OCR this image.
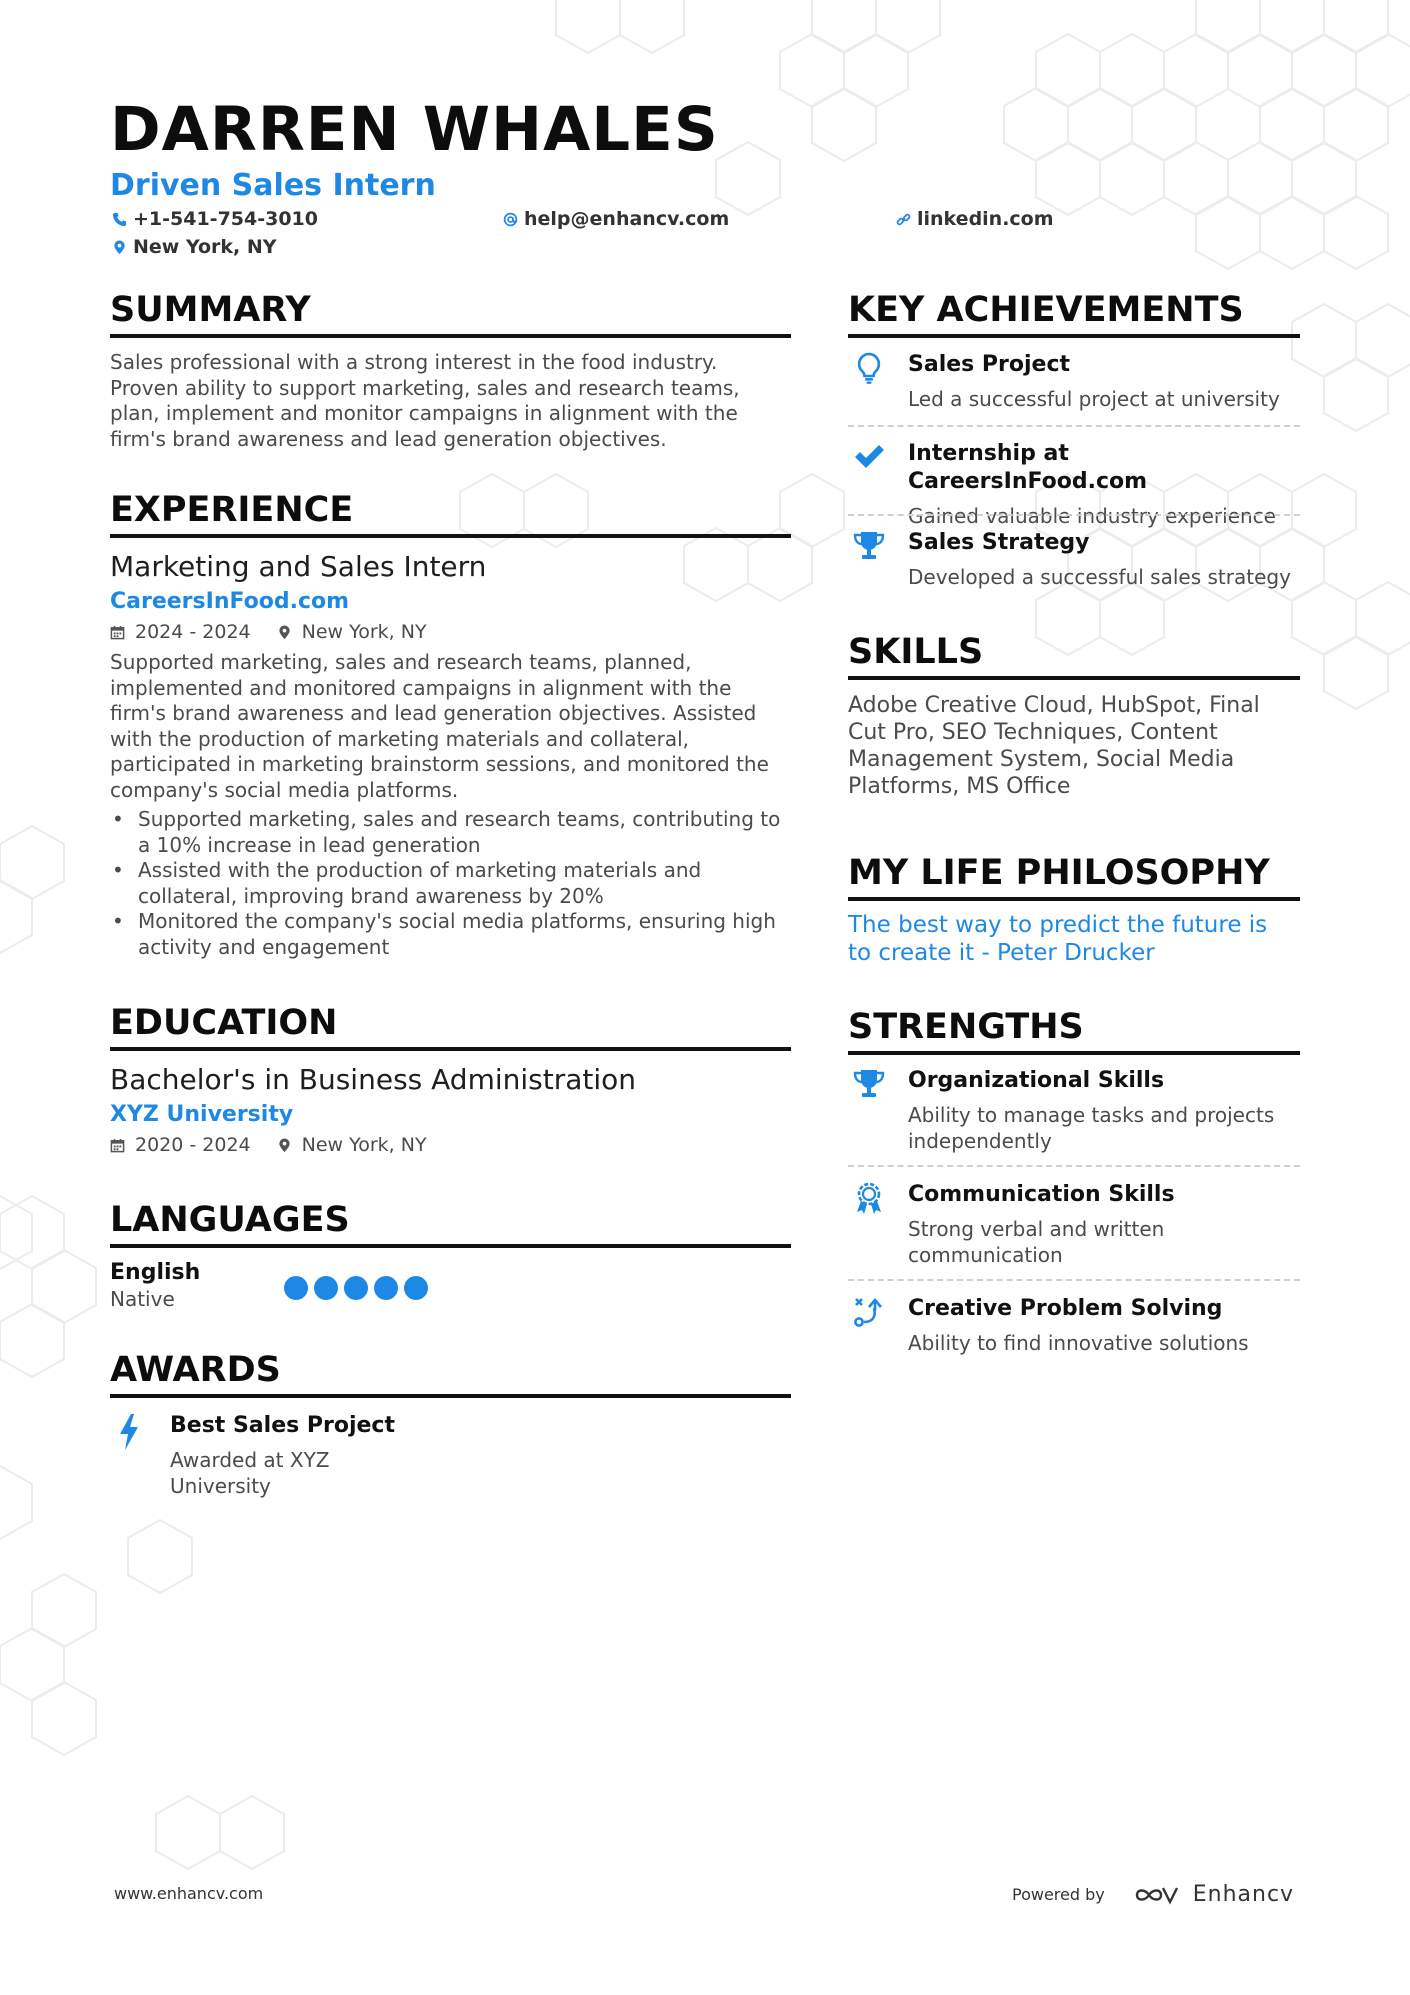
DARREN WHALES
Driven Sales Intern
+1-541-754-3010	help@enhancv.com	linkedin.com
New York, NY
SUMMARY
Sales professional with a strong interest in the food industry. Proven ability to support marketing, sales and research teams, plan, implement and monitor campaigns in alignment with the firm's brand awareness and lead generation objectives.
EXPERIENCE
Marketing and Sales Intern
CareersInFood.com
2024 - 2024	New York, NY
Supported marketing, sales and research teams, planned, implemented and monitored campaigns in alignment with the firm's brand awareness and lead generation objectives. Assisted with the production of marketing materials and collateral, participated in marketing brainstorm sessions, and monitored the company's social media platforms.
• Supported marketing, sales and research teams, contributing to a 10% increase in lead generation
• Assisted with the production of marketing materials and collateral, improving brand awareness by 20%
• Monitored the company's social media platforms, ensuring high activity and engagement
EDUCATION
Bachelor's in Business Administration
XYZ University
2020 - 2024	New York, NY
LANGUAGES
English
Native
AWARDS
Best Sales Project
Awarded at XYZ University
KEY ACHIEVEMENTS
Sales Project
Led a successful project at university
Internship at CareersInFood.com
Gained valuable industry experience
Sales Strategy
Developed a successful sales strategy
SKILLS
Adobe Creative Cloud, HubSpot, Final Cut Pro, SEO Techniques, Content Management System, Social Media Platforms, MS Office
MY LIFE PHILOSOPHY
The best way to predict the future is to create it - Peter Drucker
STRENGTHS
Organizational Skills
Ability to manage tasks and projects independently
Communication Skills
Strong verbal and written communication
Creative Problem Solving
Ability to find innovative solutions
www.enhancv.com	Powered by	Enhancv
